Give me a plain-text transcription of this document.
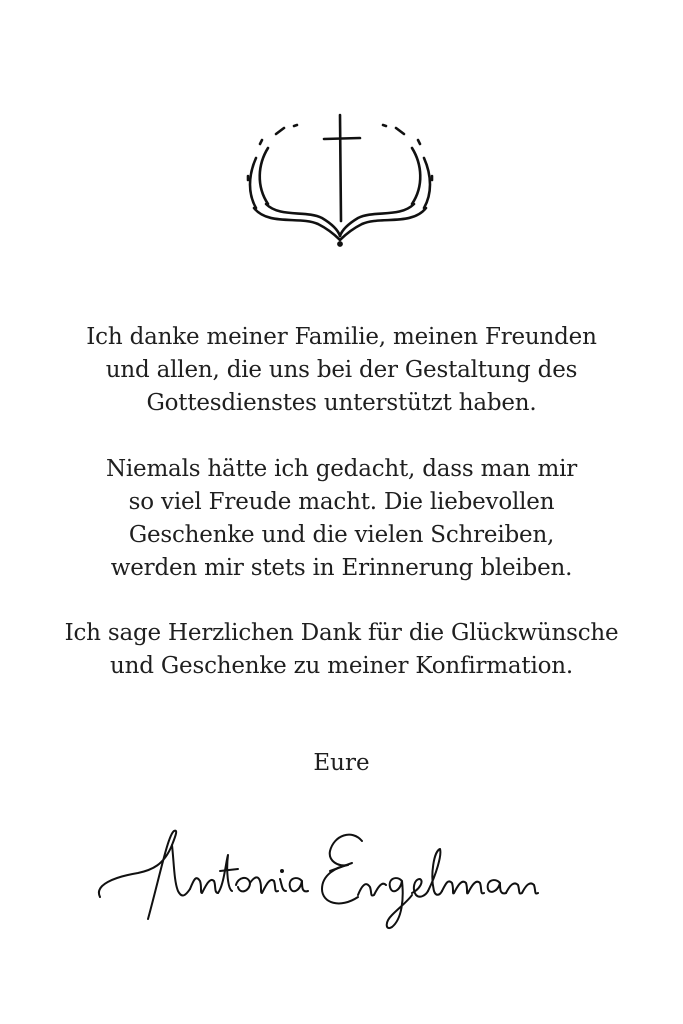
Ich danke meiner Familie, meinen Freunden
und allen, die uns bei der Gestaltung des
Gottesdienstes unterstützt haben.
Niemals hätte ich gedacht, dass man mir
so viel Freude macht. Die liebevollen
Geschenke und die vielen Schreiben,
werden mir stets in Erinnerung bleiben.
Ich sage Herzlichen Dank für die Glückwünsche
und Geschenke zu meiner Konfirmation.
Eure
